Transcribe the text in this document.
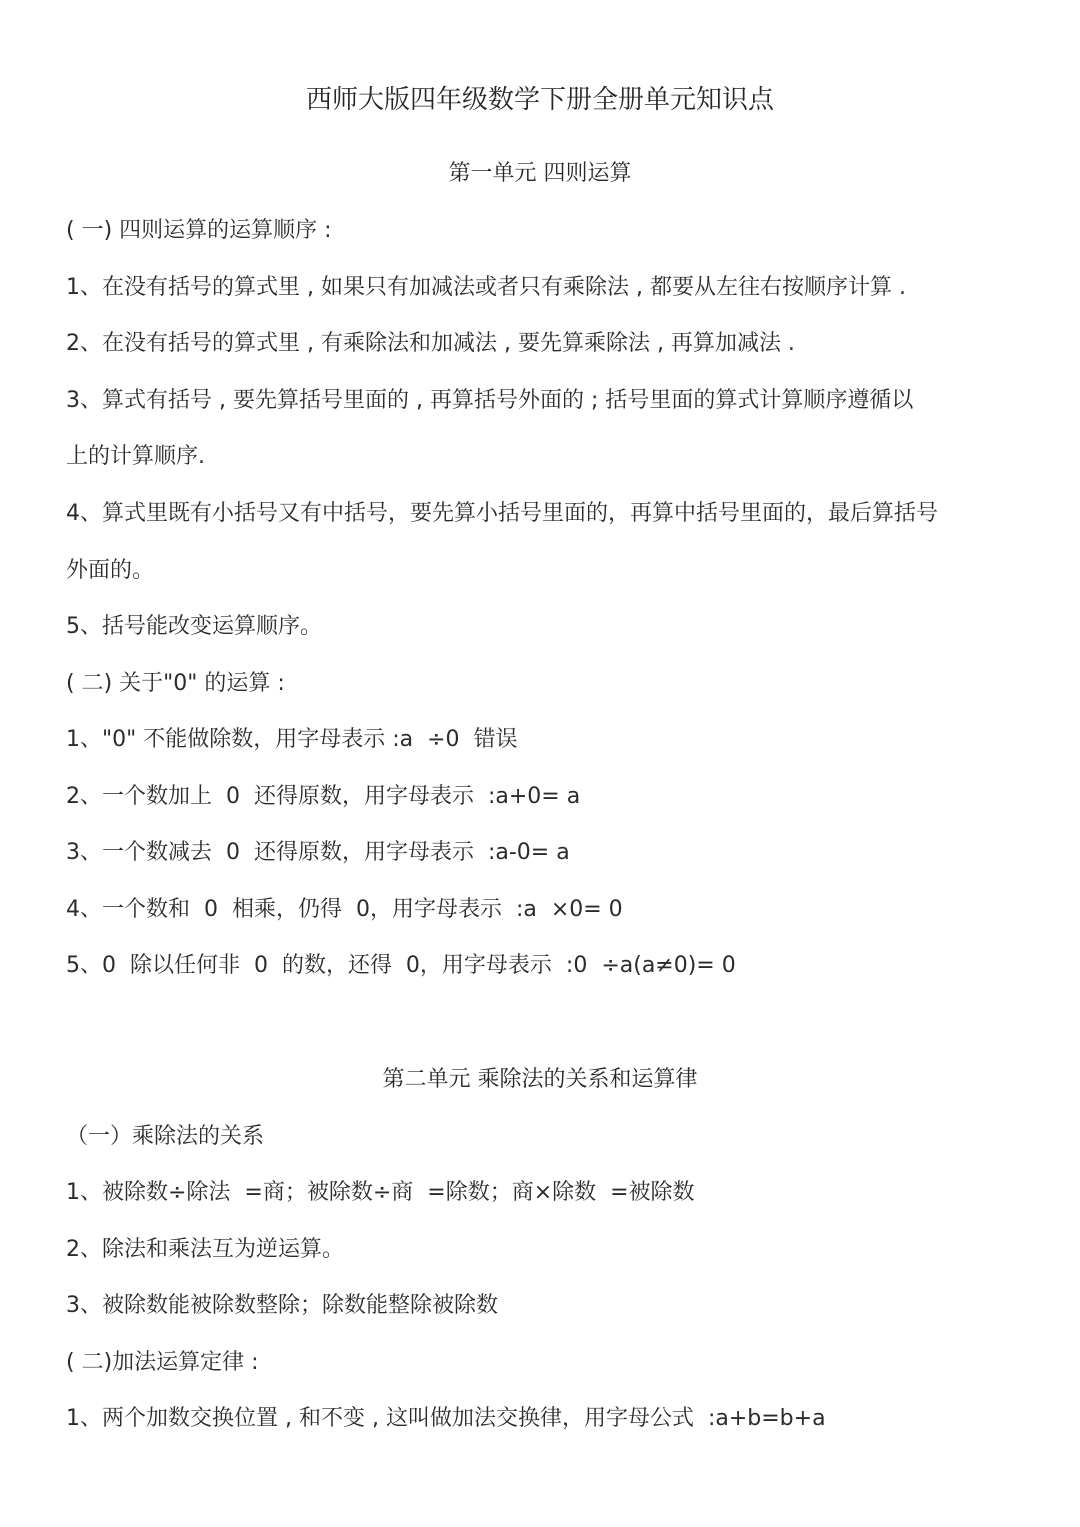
西师大版四年级数学下册全册单元知识点
第一单元 四则运算
( 一) 四则运算的运算顺序 :
1、在没有括号的算式里 , 如果只有加减法或者只有乘除法 , 都要从左往右按顺序计算 .
2、在没有括号的算式里 , 有乘除法和加减法 , 要先算乘除法 , 再算加减法 .
3、算式有括号 , 要先算括号里面的 , 再算括号外面的 ; 括号里面的算式计算顺序遵循以
上的计算顺序.
4、算式里既有小括号又有中括号，要先算小括号里面的，再算中括号里面的，最后算括号
外面的。
5、括号能改变运算顺序。
( 二) 关于"0" 的运算 :
1、"0" 不能做除数，用字母表示 :a  ÷0  错误
2、一个数加上  0  还得原数，用字母表示  :a+0= a
3、一个数减去  0  还得原数，用字母表示  :a-0= a
4、一个数和  0  相乘，仍得  0，用字母表示  :a  ×0= 0
5、0  除以任何非  0  的数，还得  0，用字母表示  :0  ÷a(a≠0)= 0
第二单元 乘除法的关系和运算律
（一）乘除法的关系
1、被除数÷除法  =商；被除数÷商  =除数；商×除数  =被除数
2、除法和乘法互为逆运算。
3、被除数能被除数整除；除数能整除被除数
( 二)加法运算定律 :
1、两个加数交换位置 , 和不变 , 这叫做加法交换律，用字母公式  :a+b=b+a
